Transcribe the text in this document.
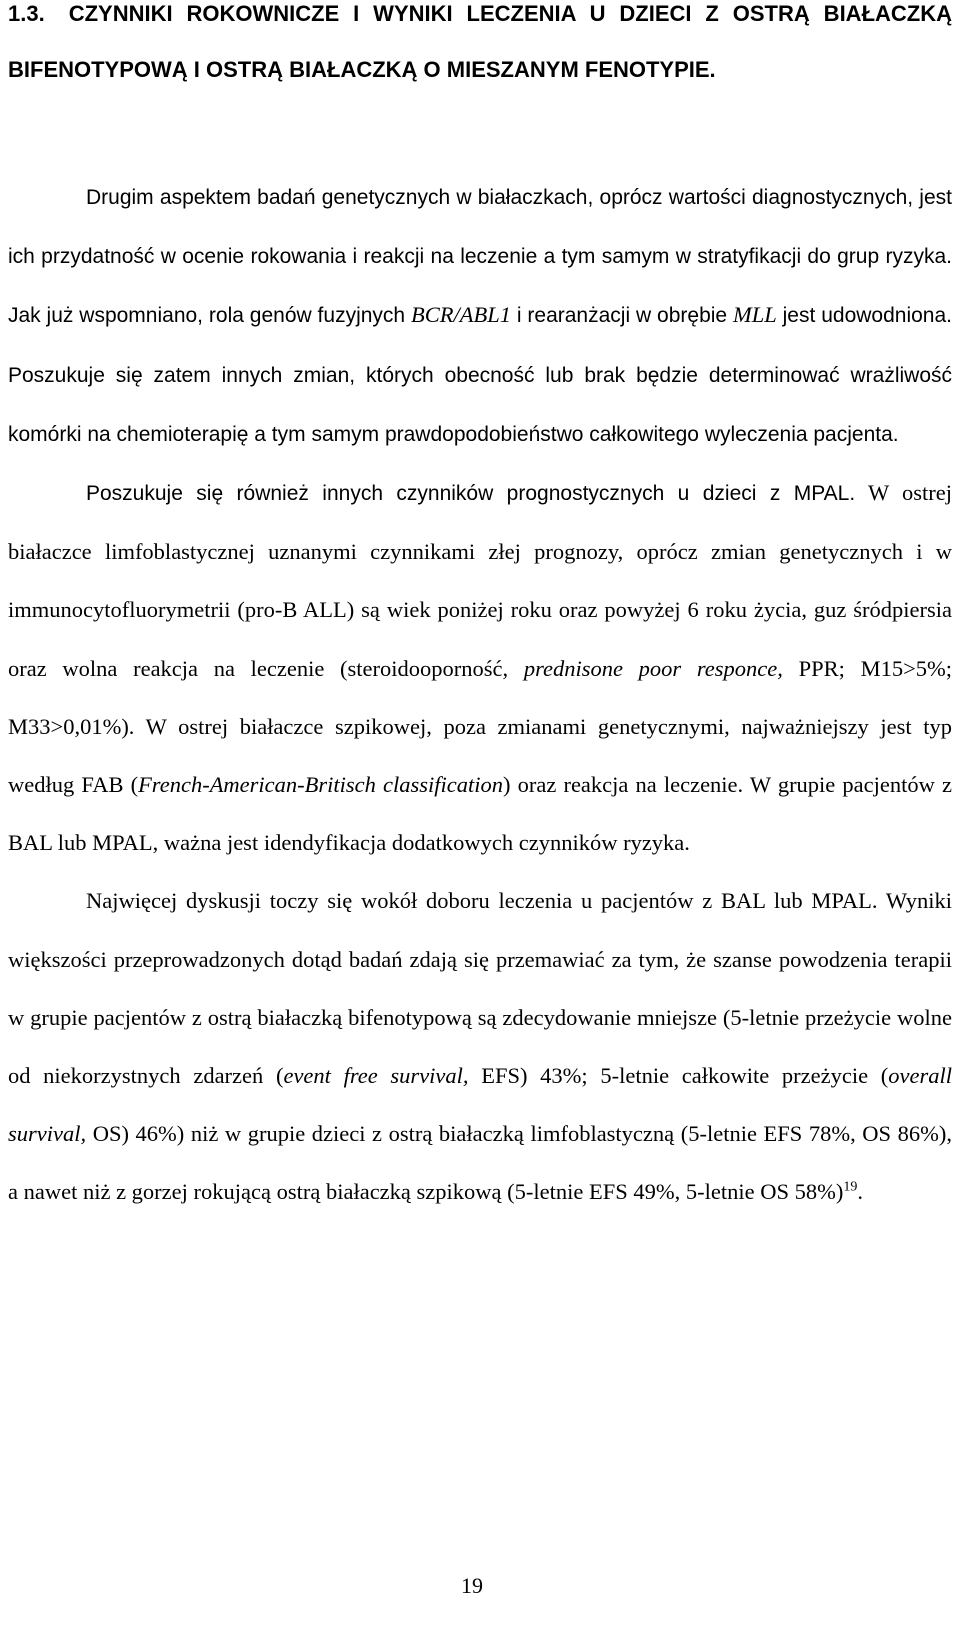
1.3. CZYNNIKI ROKOWNICZE I WYNIKI LECZENIA U DZIECI Z OSTRĄ BIAŁACZKĄ BIFENOTYPOWĄ I OSTRĄ BIAŁACZKĄ O MIESZANYM FENOTYPIE.

Drugim aspektem badań genetycznych w białaczkach, oprócz wartości diagnostycznych, jest ich przydatność w ocenie rokowania i reakcji na leczenie a tym samym w stratyfikacji do grup ryzyka. Jak już wspomniano, rola genów fuzyjnych BCR/ABL1 i rearanżacji w obrębie MLL jest udowodniona. Poszukuje się zatem innych zmian, których obecność lub brak będzie determinować wrażliwość komórki na chemioterapię a tym samym prawdopodobieństwo całkowitego wyleczenia pacjenta.

Poszukuje się również innych czynników prognostycznych u dzieci z MPAL. W ostrej białaczce limfoblastycznej uznanymi czynnikami złej prognozy, oprócz zmian genetycznych i w immunocytofluorymetrii (pro-B ALL) są wiek poniżej roku oraz powyżej 6 roku życia, guz śródpiersia oraz wolna reakcja na leczenie (steroidooporność, prednisone poor responce, PPR; M15>5%; M33>0,01%). W ostrej białaczce szpikowej, poza zmianami genetycznymi, najważniejszy jest typ według FAB (French-American-Britisch classification) oraz reakcja na leczenie. W grupie pacjentów z BAL lub MPAL, ważna jest idendyfikacja dodatkowych czynników ryzyka.

Najwięcej dyskusji toczy się wokół doboru leczenia u pacjentów z BAL lub MPAL. Wyniki większości przeprowadzonych dotąd badań zdają się przemawiać za tym, że szanse powodzenia terapii w grupie pacjentów z ostrą białaczką bifenotypową są zdecydowanie mniejsze (5-letnie przeżycie wolne od niekorzystnych zdarzeń (event free survival, EFS) 43%; 5-letnie całkowite przeżycie (overall survival, OS) 46%) niż w grupie dzieci z ostrą białaczką limfoblastyczną (5-letnie EFS 78%, OS 86%), a nawet niż z gorzej rokującą ostrą białaczką szpikową (5-letnie EFS 49%, 5-letnie OS 58%)$^{19}$.

19
